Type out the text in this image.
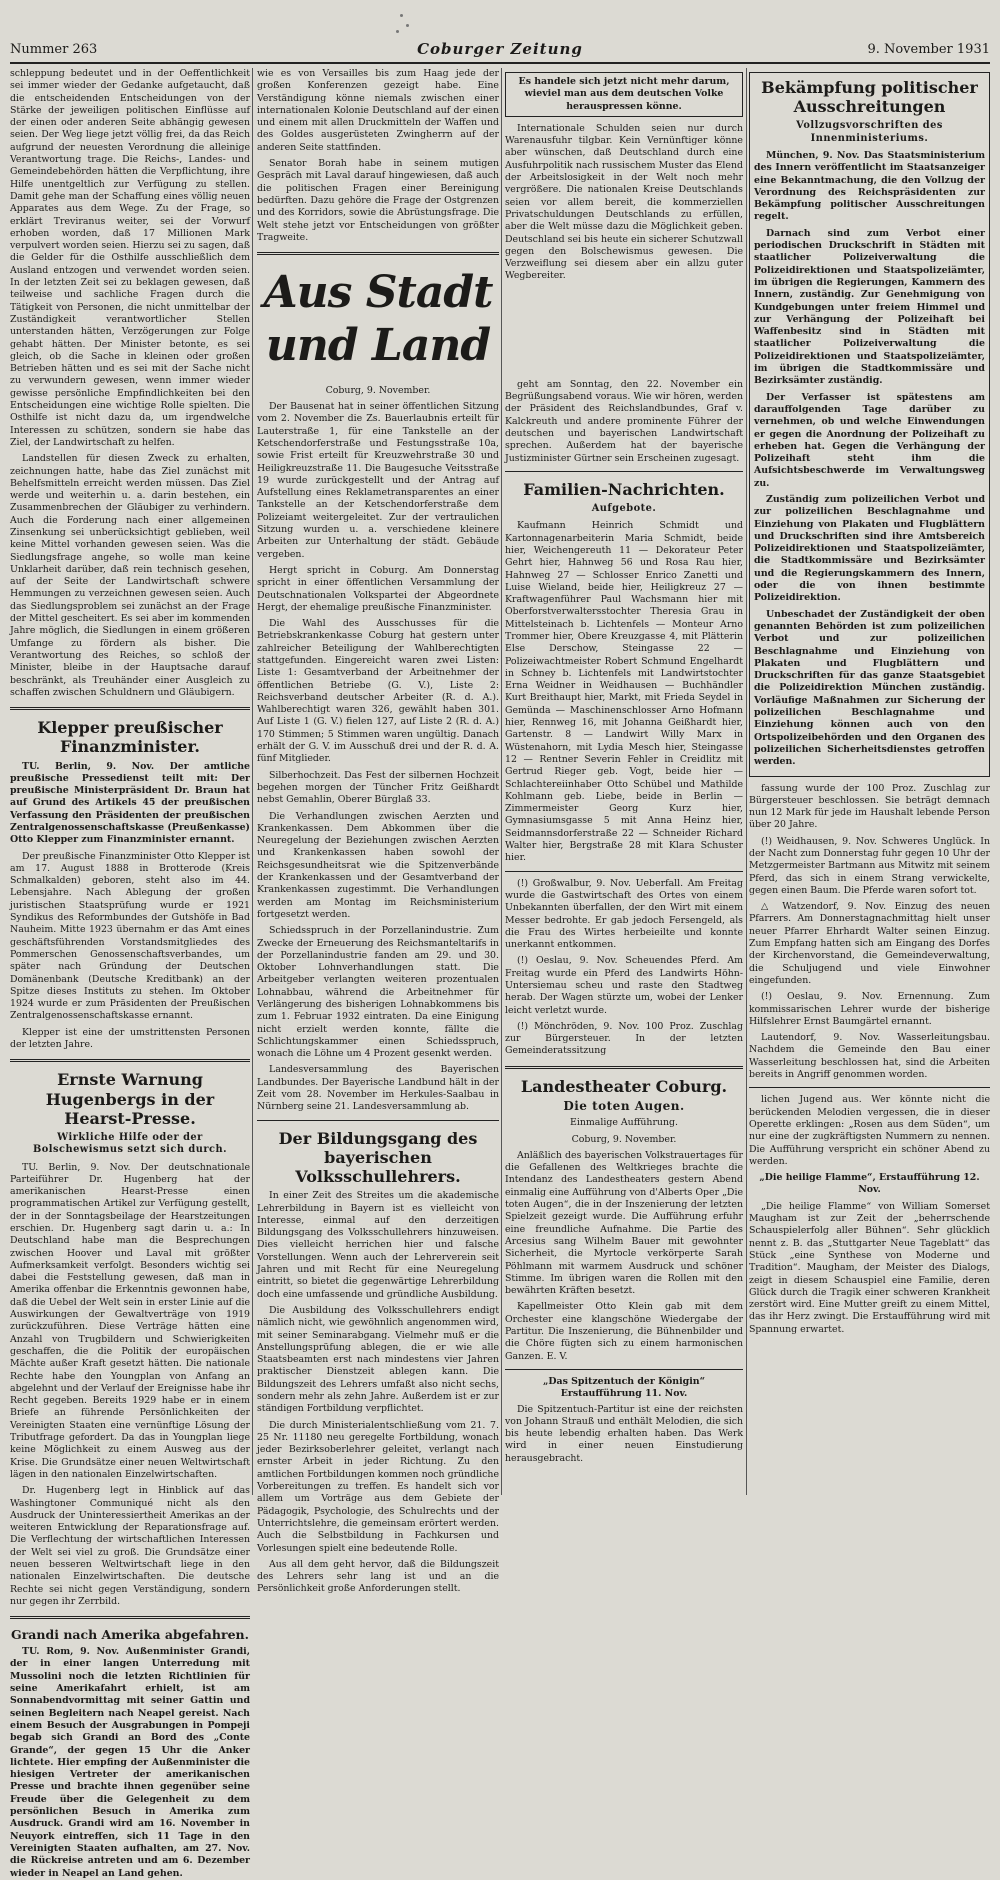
Nummer 263	Coburger Zeitung	9. November 1931

schleppung bedeutet und in der Oeffentlichkeit sei immer wieder der Gedanke aufgetaucht, daß die entscheidenden Entscheidungen von der Stärke der jeweiligen politischen Einflüsse auf der einen oder anderen Seite abhängig gewesen seien. Der Weg liege jetzt völlig frei, da das Reich aufgrund der neuesten Verordnung die alleinige Verantwortung trage. Die Reichs-, Landes- und Gemeindebehörden hätten die Verpflichtung, ihre Hilfe unentgeltlich zur Verfügung zu stellen. Damit gehe man der Schaffung eines völlig neuen Apparates aus dem Wege. Zu der Frage, so erklärt Treviranus weiter, sei der Vorwurf erhoben worden, daß 17 Millionen Mark verpulvert worden seien. Hierzu sei zu sagen, daß die Gelder für die Osthilfe ausschließlich dem Ausland entzogen und verwendet worden seien. In der letzten Zeit sei zu beklagen gewesen, daß teilweise und sachliche Fragen durch die Tätigkeit von Personen, die nicht unmittelbar der Zuständigkeit verantwortlicher Stellen unterstanden hätten, Verzögerungen zur Folge gehabt hätten. Der Minister betonte, es sei gleich, ob die Sache in kleinen oder großen Betrieben hätten und es sei mit der Sache nicht zu verwundern gewesen, wenn immer wieder gewisse persönliche Empfindlichkeiten bei den Entscheidungen eine wichtige Rolle spielten. Die Osthilfe ist nicht dazu da, um irgendwelche Interessen zu schützen, sondern sie habe das Ziel, der Landwirtschaft zu helfen.

Landstellen für diesen Zweck zu erhalten, zeichnungen hatte, habe das Ziel zunächst mit Behelfsmitteln erreicht werden müssen. Das Ziel werde und weiterhin u. a. darin bestehen, ein Zusammenbrechen der Gläubiger zu verhindern. Auch die Forderung nach einer allgemeinen Zinsenkung sei unberücksichtigt geblieben, weil keine Mittel vorhanden gewesen seien. Was die Siedlungsfrage angehe, so wolle man keine Unklarheit darüber, daß rein technisch gesehen, auf der Seite der Landwirtschaft schwere Hemmungen zu verzeichnen gewesen seien. Auch das Siedlungsproblem sei zunächst an der Frage der Mittel gescheitert. Es sei aber im kommenden Jahre möglich, die Siedlungen in einem größeren Umfange zu fördern als bisher. Die Verantwortung des Reiches, so schloß der Minister, bleibe in der Hauptsache darauf beschränkt, als Treuhänder einer Ausgleich zu schaffen zwischen Schuldnern und Gläubigern.

Klepper preußischer Finanzminister.

TU. Berlin, 9. Nov. Der amtliche preußische Pressedienst teilt mit: Der preußische Ministerpräsident Dr. Braun hat auf Grund des Artikels 45 der preußischen Verfassung den Präsidenten der preußischen Zentralgenossenschaftskasse (Preußenkasse) Otto Klepper zum Finanzminister ernannt.

Der preußische Finanzminister Otto Klepper ist am 17. August 1888 in Brotterode (Kreis Schmalkalden) geboren, steht also im 44. Lebensjahre. Nach Ablegung der großen juristischen Staatsprüfung wurde er 1921 Syndikus des Reformbundes der Gutshöfe in Bad Nauheim. Mitte 1923 übernahm er das Amt eines geschäftsführenden Vorstandsmitgliedes des Pommerschen Genossenschaftsverbandes, um später nach Gründung der Deutschen Domänenbank (Deutsche Kreditbank) an der Spitze dieses Instituts zu stehen. Im Oktober 1924 wurde er zum Präsidenten der Preußischen Zentralgenossenschaftskasse ernannt.

Klepper ist eine der umstrittensten Personen der letzten Jahre.

Ernste Warnung Hugenbergs in der Hearst-Presse.
Wirkliche Hilfe oder der Bolschewismus setzt sich durch.

TU. Berlin, 9. Nov. Der deutschnationale Parteiführer Dr. Hugenberg hat der amerikanischen Hearst-Presse einen programmatischen Artikel zur Verfügung gestellt, der in der Sonntagsbeilage der Hearstzeitungen erschien. Dr. Hugenberg sagt darin u. a.: In Deutschland habe man die Besprechungen zwischen Hoover und Laval mit größter Aufmerksamkeit verfolgt. Besonders wichtig sei dabei die Feststellung gewesen, daß man in Amerika offenbar die Erkenntnis gewonnen habe, daß die Uebel der Welt sein in erster Linie auf die Auswirkungen der Gewaltverträge von 1919 zurückzuführen. Diese Verträge hätten eine Anzahl von Trugbildern und Schwierigkeiten geschaffen, die die Politik der europäischen Mächte außer Kraft gesetzt hätten. Die nationale Rechte habe den Youngplan von Anfang an abgelehnt und der Verlauf der Ereignisse habe ihr Recht gegeben. Bereits 1929 habe er in einem Briefe an führende Persönlichkeiten der Vereinigten Staaten eine vernünftige Lösung der Tributfrage gefordert. Da das in Youngplan liege keine Möglichkeit zu einem Ausweg aus der Krise. Die Grundsätze einer neuen Weltwirtschaft lägen in den nationalen Einzelwirtschaften.

Dr. Hugenberg legt in Hinblick auf das Washingtoner Communiqué nicht als den Ausdruck der Uninteressiertheit Amerikas an der weiteren Entwicklung der Reparationsfrage auf. Die Verflechtung der wirtschaftlichen Interessen der Welt sei viel zu groß. Die Grundsätze einer neuen besseren Weltwirtschaft liege in den nationalen Einzelwirtschaften. Die deutsche Rechte sei nicht gegen Verständigung, sondern nur gegen ihr Zerrbild.

Grandi nach Amerika abgefahren.

TU. Rom, 9. Nov. Außenminister Grandi, der in einer langen Unterredung mit Mussolini noch die letzten Richtlinien für seine Amerikafahrt erhielt, ist am Sonnabendvormittag mit seiner Gattin und seinen Begleitern nach Neapel gereist. Nach einem Besuch der Ausgrabungen in Pompeji begab sich Grandi an Bord des „Conte Grande“, der gegen 15 Uhr die Anker lichtete. Hier empfing der Außenminister die hiesigen Vertreter der amerikanischen Presse und brachte ihnen gegenüber seine Freude über die Gelegenheit zu dem persönlichen Besuch in Amerika zum Ausdruck. Grandi wird am 16. November in Neuyork eintreffen, sich 11 Tage in den Vereinigten Staaten aufhalten, am 27. Nov. die Rückreise antreten und am 6. Dezember wieder in Neapel an Land gehen.

wie es von Versailles bis zum Haag jede der großen Konferenzen gezeigt habe. Eine Verständigung könne niemals zwischen einer internationalen Kolonie Deutschland auf der einen und einem mit allen Druckmitteln der Waffen und des Goldes ausgerüsteten Zwingherrn auf der anderen Seite stattfinden.

Senator Borah habe in seinem mutigen Gespräch mit Laval darauf hingewiesen, daß auch die politischen Fragen einer Bereinigung bedürften. Dazu gehöre die Frage der Ostgrenzen und des Korridors, sowie die Abrüstungsfrage. Die Welt stehe jetzt vor Entscheidungen von größter Tragweite.

Aus Stadt und Land
Coburg, 9. November.

Der Bausenat hat in seiner öffentlichen Sitzung vom 2. November die Zs. Bauerlaubnis erteilt für Lauterstraße 1, für eine Tankstelle an der Ketschendorferstraße und Festungsstraße 10a, sowie Frist erteilt für Kreuzwehrstraße 30 und Heiligkreuzstraße 11. Die Baugesuche Veitsstraße 19 wurde zurückgestellt und der Antrag auf Aufstellung eines Reklametransparentes an einer Tankstelle an der Ketschendorferstraße dem Polizeiamt weitergeleitet. Zur der vertraulichen Sitzung wurden u. a. verschiedene kleinere Arbeiten zur Unterhaltung der städt. Gebäude vergeben.

Hergt spricht in Coburg. Am Donnerstag spricht in einer öffentlichen Versammlung der Deutschnationalen Volkspartei der Abgeordnete Hergt, der ehemalige preußische Finanzminister.

Die Wahl des Ausschusses für die Betriebskrankenkasse Coburg hat gestern unter zahlreicher Beteiligung der Wahlberechtigten stattgefunden. Eingereicht waren zwei Listen: Liste 1: Gesamtverband der Arbeitnehmer der öffentlichen Betriebe (G. V.), Liste 2: Reichsverband deutscher Arbeiter (R. d. A.). Wahlberechtigt waren 326, gewählt haben 301. Auf Liste 1 (G. V.) fielen 127, auf Liste 2 (R. d. A.) 170 Stimmen; 5 Stimmen waren ungültig. Danach erhält der G. V. im Ausschuß drei und der R. d. A. fünf Mitglieder.

Silberhochzeit. Das Fest der silbernen Hochzeit begehen morgen der Tüncher Fritz Geißhardt nebst Gemahlin, Oberer Bürglaß 33.

Die Verhandlungen zwischen Aerzten und Krankenkassen. Dem Abkommen über die Neuregelung der Beziehungen zwischen Aerzten und Krankenkassen haben sowohl der Reichsgesundheitsrat wie die Spitzenverbände der Krankenkassen und der Gesamtverband der Krankenkassen zugestimmt. Die Verhandlungen werden am Montag im Reichsministerium fortgesetzt werden.

Schiedsspruch in der Porzellanindustrie. Zum Zwecke der Erneuerung des Reichsmanteltarifs in der Porzellanindustrie fanden am 29. und 30. Oktober Lohnverhandlungen statt. Die Arbeitgeber verlangten weiteren prozentualen Lohnabbau, während die Arbeitnehmer für Verlängerung des bisherigen Lohnabkommens bis zum 1. Februar 1932 eintraten. Da eine Einigung nicht erzielt werden konnte, fällte die Schlichtungskammer einen Schiedsspruch, wonach die Löhne um 4 Prozent gesenkt werden.

Landesversammlung des Bayerischen Landbundes. Der Bayerische Landbund hält in der Zeit vom 28. November im Herkules-Saalbau in Nürnberg seine 21. Landesversammlung ab.

Der Bildungsgang des bayerischen Volksschullehrers.

In einer Zeit des Streites um die akademische Lehrerbildung in Bayern ist es vielleicht von Interesse, einmal auf den derzeitigen Bildungsgang des Volksschullehrers hinzuweisen. Dies vielleicht herrichen hier und falsche Vorstellungen. Wenn auch der Lehrerverein seit Jahren und mit Recht für eine Neuregelung eintritt, so bietet die gegenwärtige Lehrerbildung doch eine umfassende und gründliche Ausbildung.

Die Ausbildung des Volksschullehrers endigt nämlich nicht, wie gewöhnlich angenommen wird, mit seiner Seminarabgang. Vielmehr muß er die Anstellungsprüfung ablegen, die er wie alle Staatsbeamten erst nach mindestens vier Jahren praktischer Dienstzeit ablegen kann. Die Bildungszeit des Lehrers umfaßt also nicht sechs, sondern mehr als zehn Jahre. Außerdem ist er zur ständigen Fortbildung verpflichtet.

Die durch Ministerialentschließung vom 21. 7. 25 Nr. 11180 neu geregelte Fortbildung, wonach jeder Bezirksoberlehrer geleitet, verlangt nach ernster Arbeit in jeder Richtung. Zu den amtlichen Fortbildungen kommen noch gründliche Vorbereitungen zu treffen. Es handelt sich vor allem um Vorträge aus dem Gebiete der Pädagogik, Psychologie, des Schulrechts und der Unterrichtslehre, die gemeinsam erörtert werden. Auch die Selbstbildung in Fachkursen und Vorlesungen spielt eine bedeutende Rolle.

Aus all dem geht hervor, daß die Bildungszeit des Lehrers sehr lang ist und an die Persönlichkeit große Anforderungen stellt.

Es handele sich jetzt nicht mehr darum, wieviel man aus dem deutschen Volke herauspressen könne.

Internationale Schulden seien nur durch Warenausfuhr tilgbar. Kein Vernünftiger könne aber wünschen, daß Deutschland durch eine Ausfuhrpolitik nach russischem Muster das Elend der Arbeitslosigkeit in der Welt noch mehr vergrößere. Die nationalen Kreise Deutschlands seien vor allem bereit, die kommerziellen Privatschuldungen Deutschlands zu erfüllen, aber die Welt müsse dazu die Möglichkeit geben. Deutschland sei bis heute ein sicherer Schutzwall gegen den Bolschewismus gewesen. Die Verzweiflung sei diesem aber ein allzu guter Wegbereiter.

geht am Sonntag, den 22. November ein Begrüßungsabend voraus. Wie wir hören, werden der Präsident des Reichslandbundes, Graf v. Kalckreuth und andere prominente Führer der deutschen und bayerischen Landwirtschaft sprechen. Außerdem hat der bayerische Justizminister Gürtner sein Erscheinen zugesagt.

Familien-Nachrichten.
Aufgebote.

Kaufmann Heinrich Schmidt und Kartonnagenarbeiterin Maria Schmidt, beide hier, Weichengereuth 11 — Dekorateur Peter Gehrt hier, Hahnweg 56 und Rosa Rau hier, Hahnweg 27 — Schlosser Enrico Zanetti und Luise Wieland, beide hier, Heiligkreuz 27 — Kraftwagenführer Paul Wachsmann hier mit Oberforstverwaltersstochter Theresia Grau in Mittelsteinach b. Lichtenfels — Monteur Arno Trommer hier, Obere Kreuzgasse 4, mit Plätterin Else Derschow, Steingasse 22 — Polizeiwachtmeister Robert Schmund Engelhardt in Schney b. Lichtenfels mit Landwirtstochter Erna Weidner in Weidhausen — Buchhändler Kurt Breithaupt hier, Markt, mit Frieda Seydel in Gemünda — Maschinenschlosser Arno Hofmann hier, Rennweg 16, mit Johanna Geißhardt hier, Gartenstr. 8 — Landwirt Willy Marx in Wüstenahorn, mit Lydia Mesch hier, Steingasse 12 — Rentner Severin Fehler in Creidlitz mit Gertrud Rieger geb. Vogt, beide hier — Schlachtereiinhaber Otto Schübel und Mathilde Kohlmann geb. Liebe, beide in Berlin — Zimmermeister Georg Kurz hier, Gymnasiumsgasse 5 mit Anna Heinz hier, Seidmannsdorferstraße 22 — Schneider Richard Walter hier, Bergstraße 28 mit Klara Schuster hier.

(!) Großwalbur, 9. Nov. Ueberfall. Am Freitag wurde die Gastwirtschaft des Ortes von einem Unbekannten überfallen, der den Wirt mit einem Messer bedrohte. Er gab jedoch Fersengeld, als die Frau des Wirtes herbeieilte und konnte unerkannt entkommen.

(!) Oeslau, 9. Nov. Scheuendes Pferd. Am Freitag wurde ein Pferd des Landwirts Höhn-Untersiemau scheu und raste den Stadtweg herab. Der Wagen stürzte um, wobei der Lenker leicht verletzt wurde.

(!) Mönchröden, 9. Nov. 100 Proz. Zuschlag zur Bürgersteuer. In der letzten Gemeinderatssitzung

Landestheater Coburg.
Die toten Augen.
Einmalige Aufführung.
Coburg, 9. November.

Anläßlich des bayerischen Volkstrauertages für die Gefallenen des Weltkrieges brachte die Intendanz des Landestheaters gestern Abend einmalig eine Aufführung von d'Alberts Oper „Die toten Augen“, die in der Inszenierung der letzten Spielzeit gezeigt wurde. Die Aufführung erfuhr eine freundliche Aufnahme. Die Partie des Arcesius sang Wilhelm Bauer mit gewohnter Sicherheit, die Myrtocle verkörperte Sarah Pöhlmann mit warmem Ausdruck und schöner Stimme. Im übrigen waren die Rollen mit den bewährten Kräften besetzt.

Kapellmeister Otto Klein gab mit dem Orchester eine klangschöne Wiedergabe der Partitur. Die Inszenierung, die Bühnenbilder und die Chöre fügten sich zu einem harmonischen Ganzen. E. V.

„Das Spitzentuch der Königin“ Erstaufführung 11. Nov.

Die Spitzentuch-Partitur ist eine der reichsten von Johann Strauß und enthält Melodien, die sich bis heute lebendig erhalten haben. Das Werk wird in einer neuen Einstudierung herausgebracht.

Bekämpfung politischer Ausschreitungen
Vollzugsvorschriften des Innenministeriums.

München, 9. Nov. Das Staatsministerium des Innern veröffentlicht im Staatsanzeiger eine Bekanntmachung, die den Vollzug der Verordnung des Reichspräsidenten zur Bekämpfung politischer Ausschreitungen regelt.

Darnach sind zum Verbot einer periodischen Druckschrift in Städten mit staatlicher Polizeiverwaltung die Polizeidirektionen und Staatspolizeiämter, im übrigen die Regierungen, Kammern des Innern, zuständig. Zur Genehmigung von Kundgebungen unter freiem Himmel und zur Verhängung der Polizeihaft bei Waffenbesitz sind in Städten mit staatlicher Polizeiverwaltung die Polizeidirektionen und Staatspolizeiämter, im übrigen die Stadtkommissäre und Bezirksämter zuständig.

Der Verfasser ist spätestens am darauffolgenden Tage darüber zu vernehmen, ob und welche Einwendungen er gegen die Anordnung der Polizeihaft zu erheben hat. Gegen die Verhängung der Polizeihaft steht ihm die Aufsichtsbeschwerde im Verwaltungsweg zu.

Zuständig zum polizeilichen Verbot und zur polizeilichen Beschlagnahme und Einziehung von Plakaten und Flugblättern und Druckschriften sind ihre Amtsbereich Polizeidirektionen und Staatspolizeiämter, die Stadtkommissäre und Bezirksämter und die Regierungskammern des Innern, oder die von ihnen bestimmte Polizeidirektion.

Unbeschadet der Zuständigkeit der oben genannten Behörden ist zum polizeilichen Verbot und zur polizeilichen Beschlagnahme und Einziehung von Plakaten und Flugblättern und Druckschriften für das ganze Staatsgebiet die Polizeidirektion München zuständig. Vorläufige Maßnahmen zur Sicherung der polizeilichen Beschlagnahme und Einziehung können auch von den Ortspolizeibehörden und den Organen des polizeilichen Sicherheitsdienstes getroffen werden.

fassung wurde der 100 Proz. Zuschlag zur Bürgersteuer beschlossen. Sie beträgt demnach nun 12 Mark für jede im Haushalt lebende Person über 20 Jahre.

(!) Weidhausen, 9. Nov. Schweres Unglück. In der Nacht zum Donnerstag fuhr gegen 10 Uhr der Metzgermeister Bartmann aus Mitwitz mit seinem Pferd, das sich in einem Strang verwickelte, gegen einen Baum. Die Pferde waren sofort tot.

△ Watzendorf, 9. Nov. Einzug des neuen Pfarrers. Am Donnerstagnachmittag hielt unser neuer Pfarrer Ehrhardt Walter seinen Einzug. Zum Empfang hatten sich am Eingang des Dorfes der Kirchenvorstand, die Gemeindeverwaltung, die Schuljugend und viele Einwohner eingefunden.

(!) Oeslau, 9. Nov. Ernennung. Zum kommissarischen Lehrer wurde der bisherige Hilfslehrer Ernst Baumgärtel ernannt.

Lautendorf, 9. Nov. Wasserleitungsbau. Nachdem die Gemeinde den Bau einer Wasserleitung beschlossen hat, sind die Arbeiten bereits in Angriff genommen worden.

lichen Jugend aus. Wer könnte nicht die berückenden Melodien vergessen, die in dieser Operette erklingen: „Rosen aus dem Süden“, um nur eine der zugkräftigsten Nummern zu nennen. Die Aufführung verspricht ein schöner Abend zu werden.

„Die heilige Flamme“, Erstaufführung 12. Nov.

„Die heilige Flamme“ von William Somerset Maugham ist zur Zeit der „beherrschende Schauspielerfolg aller Bühnen“. Sehr glücklich nennt z. B. das „Stuttgarter Neue Tageblatt“ das Stück „eine Synthese von Moderne und Tradition“. Maugham, der Meister des Dialogs, zeigt in diesem Schauspiel eine Familie, deren Glück durch die Tragik einer schweren Krankheit zerstört wird. Eine Mutter greift zu einem Mittel, das ihr Herz zwingt. Die Erstaufführung wird mit Spannung erwartet.
